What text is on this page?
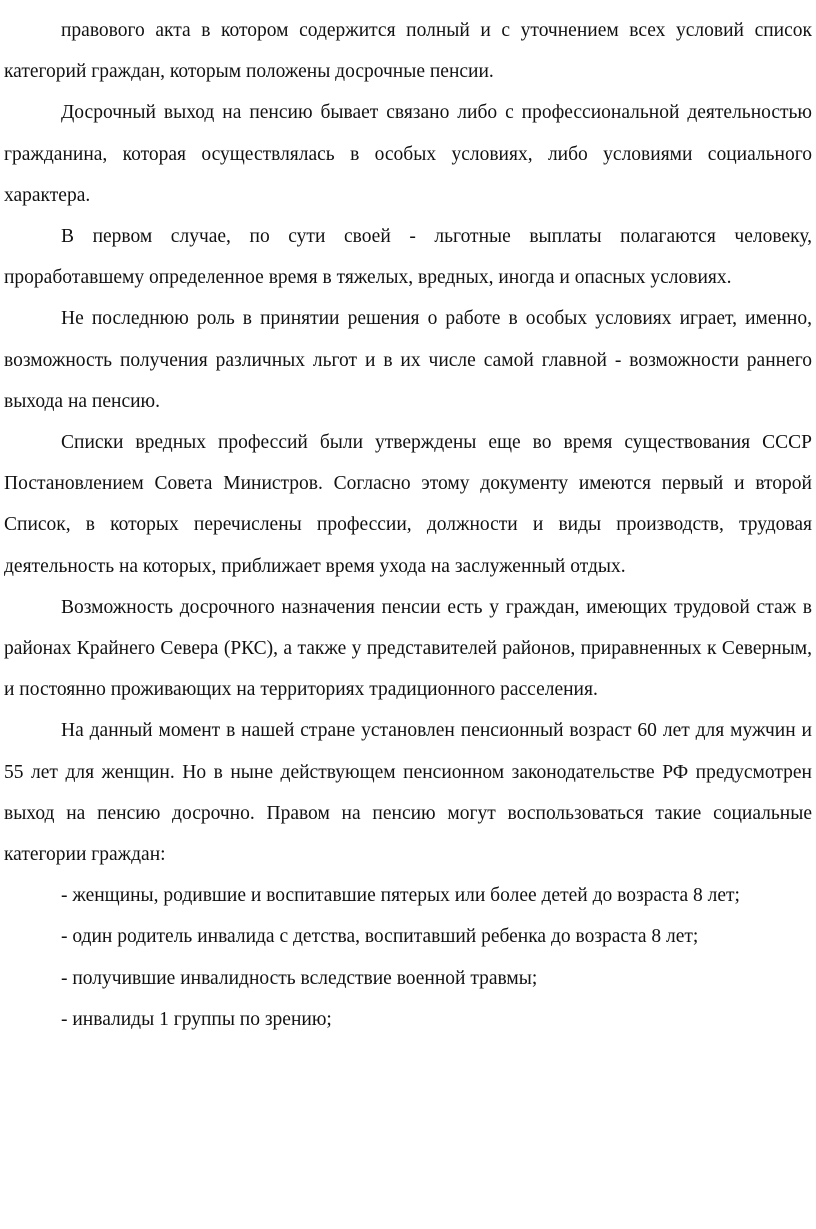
правового акта в котором содержится полный и с уточнением всех условий список категорий граждан, которым положены досрочные пенсии.

Досрочный выход на пенсию бывает связано либо с профессиональной деятельностью гражданина, которая осуществлялась в особых условиях, либо условиями социального характера.

В первом случае, по сути своей - льготные выплаты полагаются человеку, проработавшему определенное время в тяжелых, вредных, иногда и опасных условиях.

Не последнюю роль в принятии решения о работе в особых условиях играет, именно, возможность получения различных льгот и в их числе самой главной - возможности раннего выхода на пенсию.

Списки вредных профессий были утверждены еще во время существования СССР Постановлением Совета Министров. Согласно этому документу имеются первый и второй Список, в которых перечислены профессии, должности и виды производств, трудовая деятельность на которых, приближает время ухода на заслуженный отдых.

Возможность досрочного назначения пенсии есть у граждан, имеющих трудовой стаж в районах Крайнего Севера (РКС), а также у представителей районов, приравненных к Северным, и постоянно проживающих на территориях традиционного расселения.

На данный момент в нашей стране установлен пенсионный возраст 60 лет для мужчин и 55 лет для женщин. Но в ныне действующем пенсионном законодательстве РФ предусмотрен выход на пенсию досрочно. Правом на пенсию могут воспользоваться такие социальные категории граждан:

- женщины, родившие и воспитавшие пятерых или более детей до возраста 8 лет;

- один родитель инвалида с детства, воспитавший ребенка до возраста 8 лет;

- получившие инвалидность вследствие военной травмы;

- инвалиды 1 группы по зрению;
